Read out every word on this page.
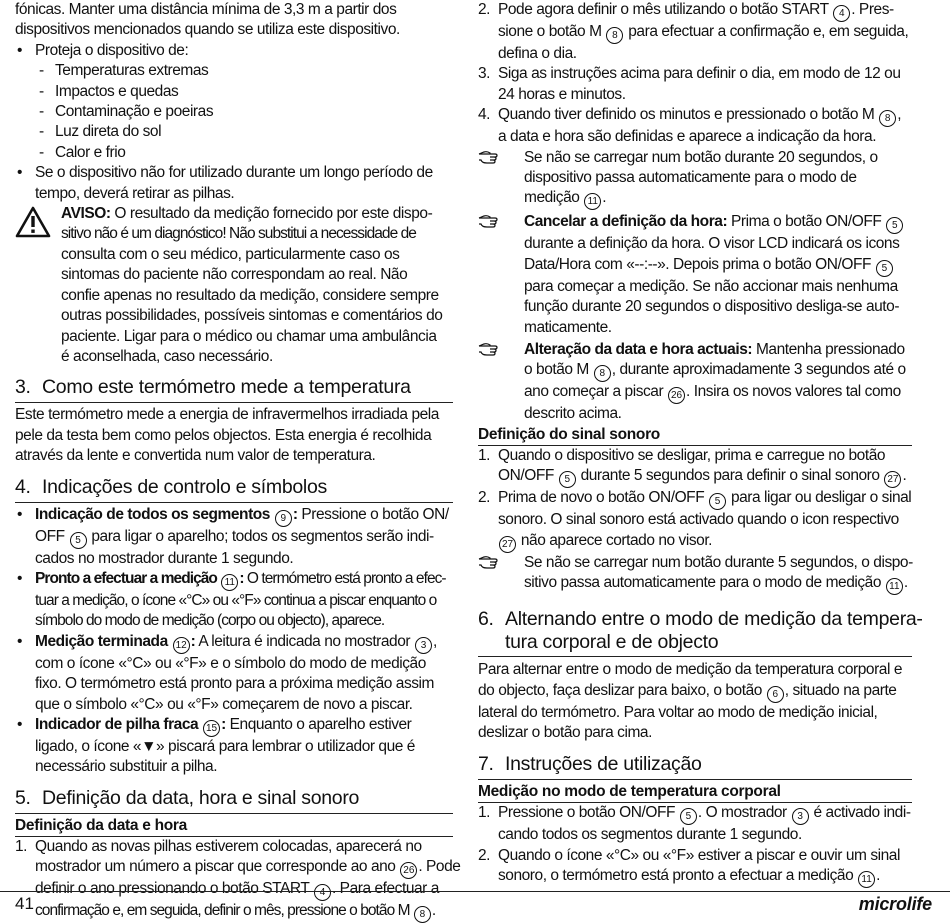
fónicas. Manter uma distância mínima de 3,3 m a partir dos
dispositivos mencionados quando se utiliza este dispositivo.
• Proteja o dispositivo de:
- Temperaturas extremas
- Impactos e quedas
- Contaminação e poeiras
- Luz direta do sol
- Calor e frio
• Se o dispositivo não for utilizado durante um longo período de
tempo, deverá retirar as pilhas.
AVISO: O resultado da medição fornecido por este dispo-
sitivo não é um diagnóstico! Não substitui a necessidade de
consulta com o seu médico, particularmente caso os
sintomas do paciente não correspondam ao real. Não
confie apenas no resultado da medição, considere sempre
outras possibilidades, possíveis sintomas e comentários do
paciente. Ligar para o médico ou chamar uma ambulância
é aconselhada, caso necessário.
3. Como este termómetro mede a temperatura
Este termómetro mede a energia de infravermelhos irradiada pela
pele da testa bem como pelos objectos. Esta energia é recolhida
através da lente e convertida num valor de temperatura.
4. Indicações de controlo e símbolos
• Indicação de todos os segmentos 9 : Pressione o botão ON/
OFF 5 para ligar o aparelho; todos os segmentos serão indi-
cados no mostrador durante 1 segundo.
• Pronto a efectuar a medição 11 : O termómetro está pronto a efec-
tuar a medição, o ícone «°C» ou «°F» continua a piscar enquanto o
símbolo do modo de medição (corpo ou objecto), aparece.
• Medição terminada 12 : A leitura é indicada no mostrador 3 ,
com o ícone «°C» ou «°F» e o símbolo do modo de medição
fixo. O termómetro está pronto para a próxima medição assim
que o símbolo «°C» ou «°F» começarem de novo a piscar.
• Indicador de pilha fraca 15 : Enquanto o aparelho estiver
ligado, o ícone «▼» piscará para lembrar o utilizador que é
necessário substituir a pilha.
5. Definição da data, hora e sinal sonoro
Definição da data e hora
1. Quando as novas pilhas estiverem colocadas, aparecerá no
mostrador um número a piscar que corresponde ao ano 26 . Pode
definir o ano pressionando o botão START 4 . Para efectuar a
confirmação e, em seguida, definir o mês, pressione o botão M 8 .
2. Pode agora definir o mês utilizando o botão START 4 . Pres-
sione o botão M 8 para efectuar a confirmação e, em seguida,
defina o dia.
3. Siga as instruções acima para definir o dia, em modo de 12 ou
24 horas e minutos.
4. Quando tiver definido os minutos e pressionado o botão M 8 ,
a data e hora são definidas e aparece a indicação da hora.
Se não se carregar num botão durante 20 segundos, o
dispositivo passa automaticamente para o modo de
medição 11 .
Cancelar a definição da hora: Prima o botão ON/OFF 5
durante a definição da hora. O visor LCD indicará os icons
Data/Hora com «--:--». Depois prima o botão ON/OFF 5
para começar a medição. Se não accionar mais nenhuma
função durante 20 segundos o dispositivo desliga-se auto-
maticamente.
Alteração da data e hora actuais: Mantenha pressionado
o botão M 8 , durante aproximadamente 3 segundos até o
ano começar a piscar 26 . Insira os novos valores tal como
descrito acima.
Definição do sinal sonoro
1. Quando o dispositivo se desligar, prima e carregue no botão
ON/OFF 5 durante 5 segundos para definir o sinal sonoro 27 .
2. Prima de novo o botão ON/OFF 5 para ligar ou desligar o sinal
sonoro. O sinal sonoro está activado quando o icon respectivo
27 não aparece cortado no visor.
Se não se carregar num botão durante 5 segundos, o dispo-
sitivo passa automaticamente para o modo de medição 11 .
6. Alternando entre o modo de medição da tempera-
tura corporal e de objecto
Para alternar entre o modo de medição da temperatura corporal e
do objecto, faça deslizar para baixo, o botão 6 , situado na parte
lateral do termómetro. Para voltar ao modo de medição inicial,
deslizar o botão para cima.
7. Instruções de utilização
Medição no modo de temperatura corporal
1. Pressione o botão ON/OFF 5 . O mostrador 3 é activado indi-
cando todos os segmentos durante 1 segundo.
2. Quando o ícone «°C» ou «°F» estiver a piscar e ouvir um sinal
sonoro, o termómetro está pronto a efectuar a medição 11 .
41	microlife
